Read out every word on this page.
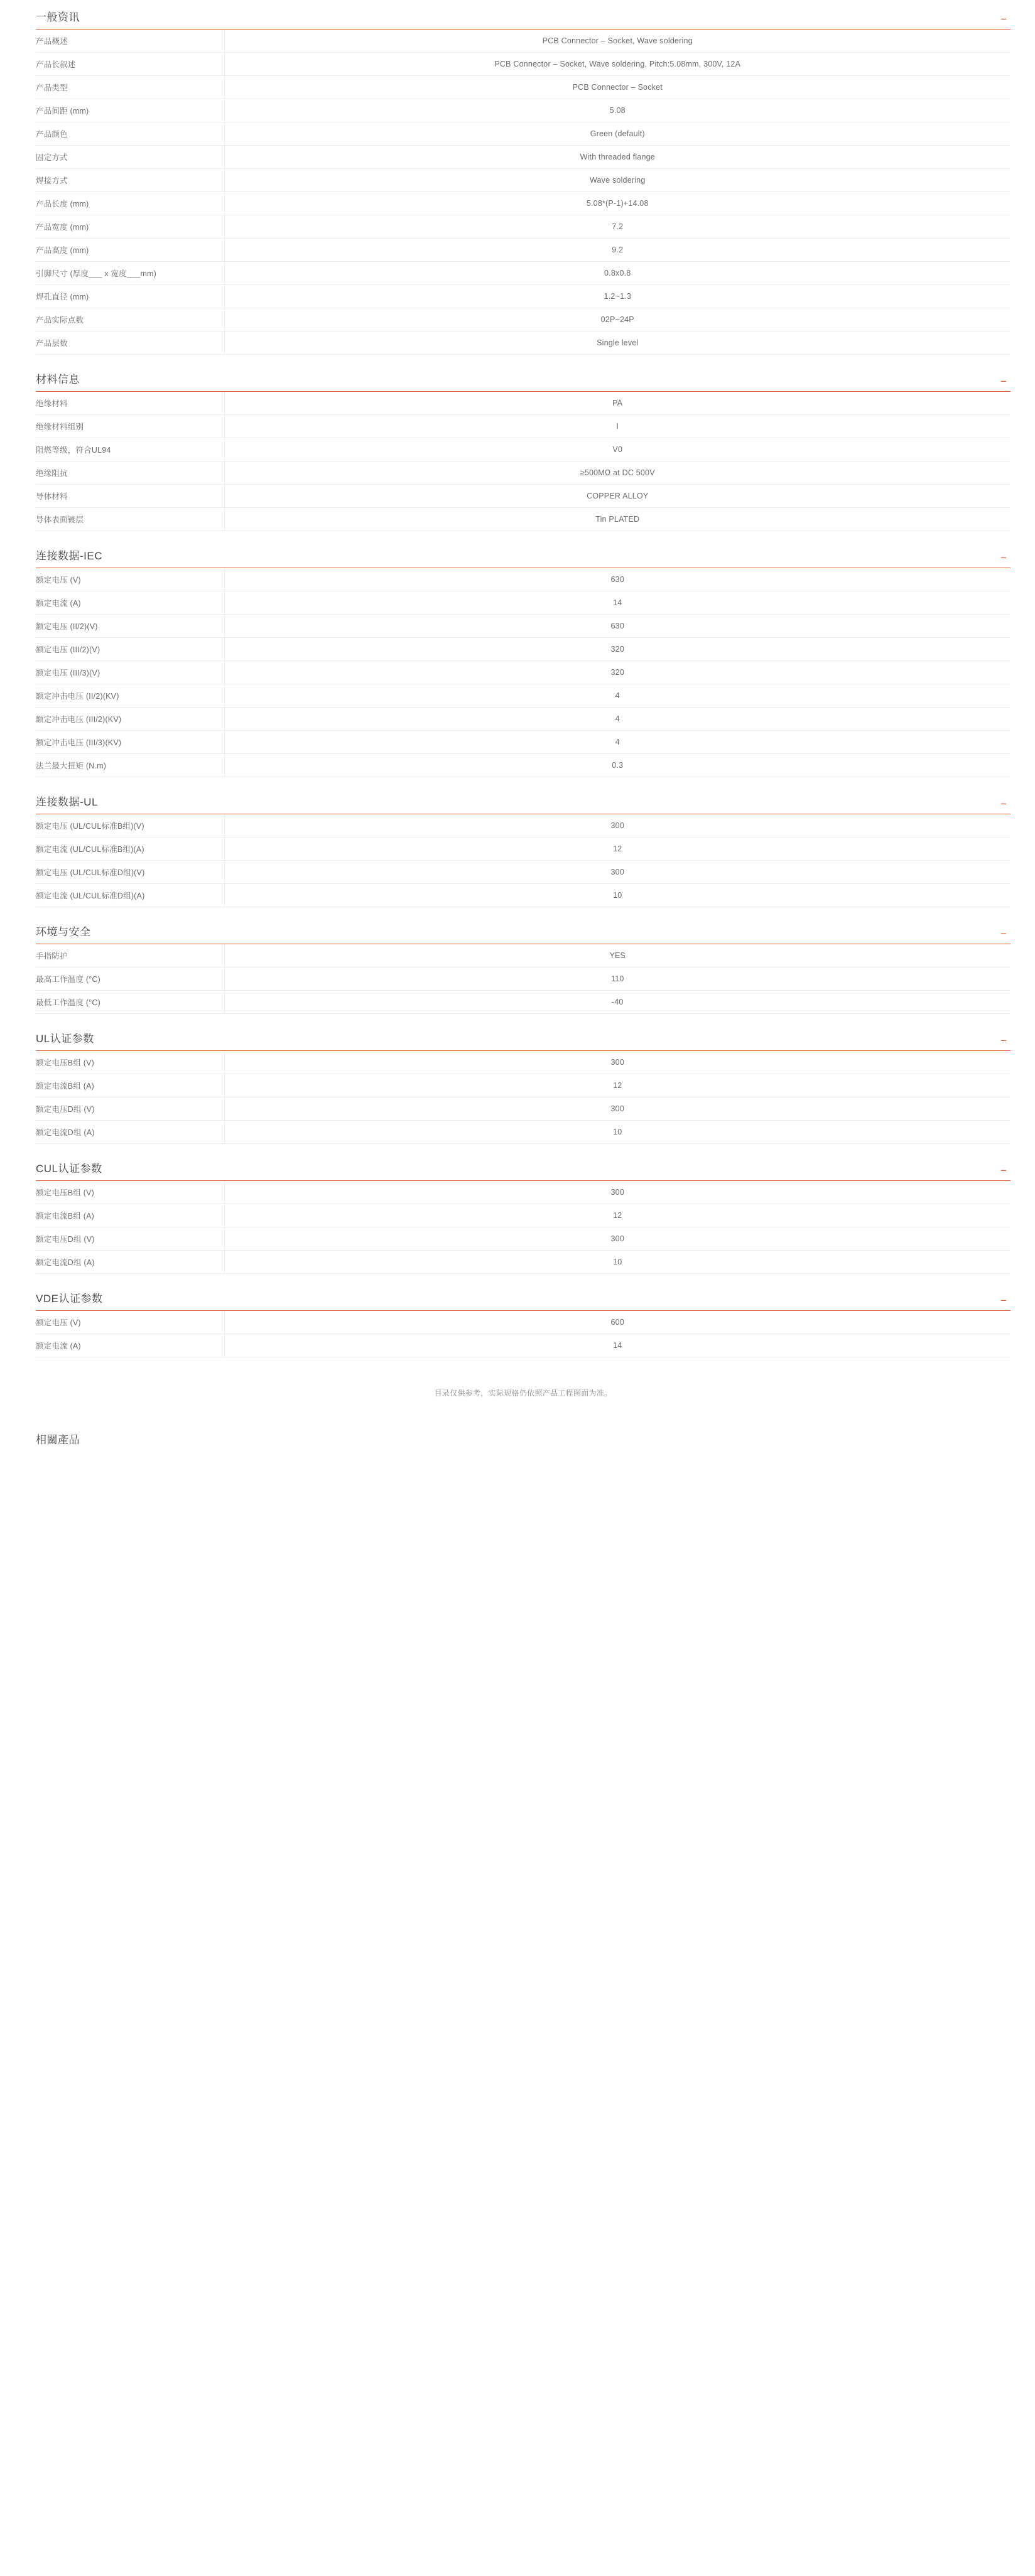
一般资讯	−
产品概述	PCB Connector – Socket, Wave soldering
产品长叙述	PCB Connector – Socket, Wave soldering, Pitch:5.08mm, 300V, 12A
产品类型	PCB Connector – Socket
产品间距 (mm)	5.08
产品颜色	Green (default)
固定方式	With threaded flange
焊接方式	Wave soldering
产品长度 (mm)	5.08*(P-1)+14.08
产品宽度 (mm)	7.2
产品高度 (mm)	9.2
引脚尺寸 (厚度___ x 宽度___mm)	0.8x0.8
焊孔直径 (mm)	1.2~1.3
产品实际点数	02P~24P
产品层数	Single level
材料信息	−
绝缘材料	PA
绝缘材料组别	I
阻燃等级，符合UL94	V0
绝缘阻抗	≥500MΩ at DC 500V
导体材料	COPPER ALLOY
导体表面镀层	Tin PLATED
连接数据-IEC	−
额定电压 (V)	630
额定电流 (A)	14
额定电压 (II/2)(V)	630
额定电压 (III/2)(V)	320
额定电压 (III/3)(V)	320
额定冲击电压 (II/2)(KV)	4
额定冲击电压 (III/2)(KV)	4
额定冲击电压 (III/3)(KV)	4
法兰最大扭矩 (N.m)	0.3
连接数据-UL	−
额定电压 (UL/CUL标准B组)(V)	300
额定电流 (UL/CUL标准B组)(A)	12
额定电压 (UL/CUL标准D组)(V)	300
额定电流 (UL/CUL标准D组)(A)	10
环境与安全	−
手指防护	YES
最高工作温度 (°C)	110
最低工作温度 (°C)	-40
UL认证参数	−
额定电压B组 (V)	300
额定电流B组 (A)	12
额定电压D组 (V)	300
额定电流D组 (A)	10
CUL认证参数	−
额定电压B组 (V)	300
额定电流B组 (A)	12
额定电压D组 (V)	300
额定电流D组 (A)	10
VDE认证参数	−
额定电压 (V)	600
额定电流 (A)	14
目录仅供参考，实际规格仍依照产品工程图面为准。
相關產品
